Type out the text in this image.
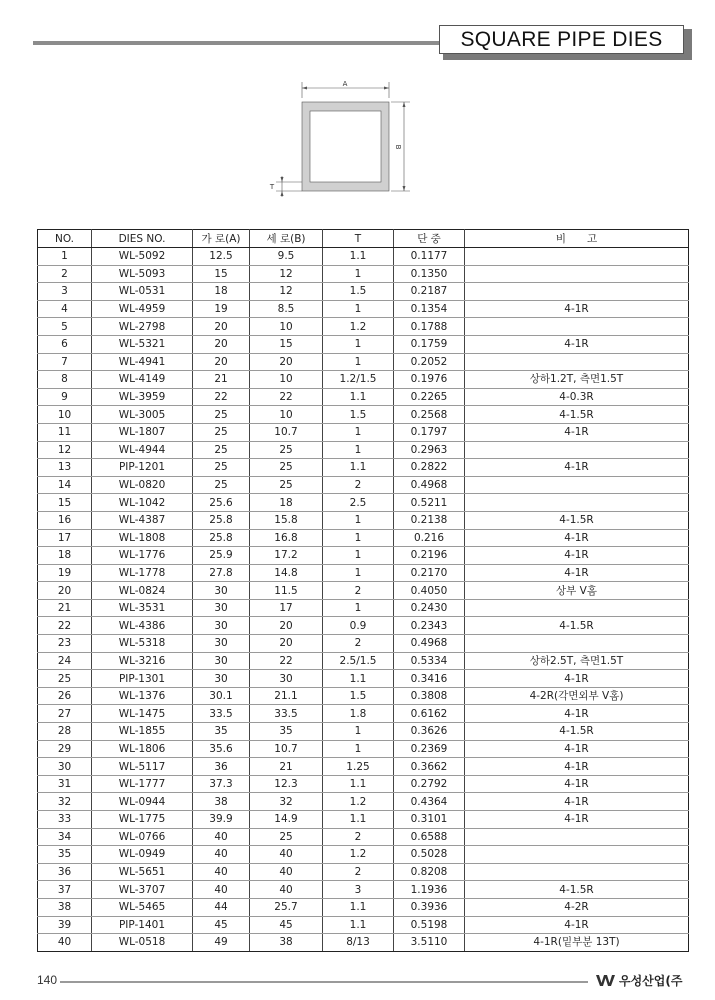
SQUARE PIPE DIES
A
B
T
NO.	DIES NO.	가 로(A)	세 로(B)	T	단 중	비　　고
1	WL-5092	12.5	9.5	1.1	0.1177	
2	WL-5093	15	12	1	0.1350	
3	WL-0531	18	12	1.5	0.2187	
4	WL-4959	19	8.5	1	0.1354	4-1R
5	WL-2798	20	10	1.2	0.1788	
6	WL-5321	20	15	1	0.1759	4-1R
7	WL-4941	20	20	1	0.2052	
8	WL-4149	21	10	1.2/1.5	0.1976	상하1.2T, 측면1.5T
9	WL-3959	22	22	1.1	0.2265	4-0.3R
10	WL-3005	25	10	1.5	0.2568	4-1.5R
11	WL-1807	25	10.7	1	0.1797	4-1R
12	WL-4944	25	25	1	0.2963	
13	PIP-1201	25	25	1.1	0.2822	4-1R
14	WL-0820	25	25	2	0.4968	
15	WL-1042	25.6	18	2.5	0.5211	
16	WL-4387	25.8	15.8	1	0.2138	4-1.5R
17	WL-1808	25.8	16.8	1	0.216	4-1R
18	WL-1776	25.9	17.2	1	0.2196	4-1R
19	WL-1778	27.8	14.8	1	0.2170	4-1R
20	WL-0824	30	11.5	2	0.4050	상부 V홈
21	WL-3531	30	17	1	0.2430	
22	WL-4386	30	20	0.9	0.2343	4-1.5R
23	WL-5318	30	20	2	0.4968	
24	WL-3216	30	22	2.5/1.5	0.5334	상하2.5T, 측면1.5T
25	PIP-1301	30	30	1.1	0.3416	4-1R
26	WL-1376	30.1	21.1	1.5	0.3808	4-2R(각면외부 V홈)
27	WL-1475	33.5	33.5	1.8	0.6162	4-1R
28	WL-1855	35	35	1	0.3626	4-1.5R
29	WL-1806	35.6	10.7	1	0.2369	4-1R
30	WL-5117	36	21	1.25	0.3662	4-1R
31	WL-1777	37.3	12.3	1.1	0.2792	4-1R
32	WL-0944	38	32	1.2	0.4364	4-1R
33	WL-1775	39.9	14.9	1.1	0.3101	4-1R
34	WL-0766	40	25	2	0.6588	
35	WL-0949	40	40	1.2	0.5028	
36	WL-5651	40	40	2	0.8208	
37	WL-3707	40	40	3	1.1936	4-1.5R
38	WL-5465	44	25.7	1.1	0.3936	4-2R
39	PIP-1401	45	45	1.1	0.5198	4-1R
40	WL-0518	49	38	8/13	3.5110	4-1R(밑부분 13T)
140	우성산업(주
